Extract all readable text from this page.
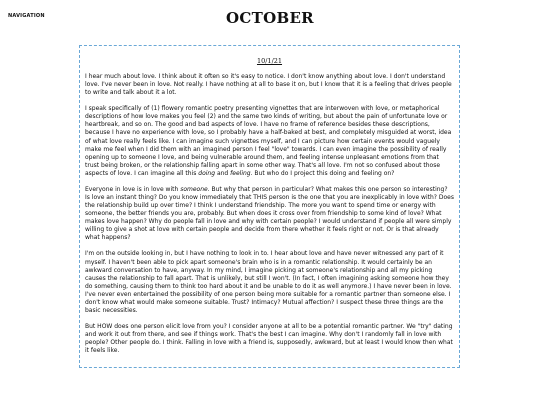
NAVIGATION	OCTOBER
10/1/21

I hear much about love. I think about it often so it's easy to notice. I don't know anything about love. I don't understand love. I've never been in love. Not really. I have nothing at all to base it on, but I know that it is a feeling that drives people to write and talk about it a lot.

I speak specifically of (1) flowery romantic poetry presenting vignettes that are interwoven with love, or metaphorical descriptions of how love makes you feel (2) and the same two kinds of writing, but about the pain of unfortunate love or heartbreak, and so on. The good and bad aspects of love. I have no frame of reference besides these descriptions, because I have no experience with love, so I probably have a half-baked at best, and completely misguided at worst, idea of what love really feels like. I can imagine such vignettes myself, and I can picture how certain events would vaguely make me feel when I did them with an imagined person I feel "love" towards. I can even imagine the possibility of really opening up to someone I love, and being vulnerable around them, and feeling intense unpleasant emotions from that trust being broken, or the relationship falling apart in some other way. That's all love. I'm not so confused about those aspects of love. I can imagine all this doing and feeling. But who do I project this doing and feeling on?

Everyone in love is in love with someone. But why that person in particular? What makes this one person so interesting? Is love an instant thing? Do you know immediately that THIS person is the one that you are inexplicably in love with? Does the relationship build up over time? I think I understand friendship. The more you want to spend time or energy with someone, the better friends you are, probably. But when does it cross over from friendship to some kind of love? What makes love happen? Why do people fall in love and why with certain people? I would understand if people all were simply willing to give a shot at love with certain people and decide from there whether it feels right or not. Or is that already what happens?

I'm on the outside looking in, but I have nothing to look in to. I hear about love and have never witnessed any part of it myself. I haven't been able to pick apart someone's brain who is in a romantic relationship. It would certainly be an awkward conversation to have, anyway. In my mind, I imagine picking at someone's relationship and all my picking causes the relationship to fall apart. That is unlikely, but still I won't. (In fact, I often imagining asking someone how they do something, causing them to think too hard about it and be unable to do it as well anymore.) I have never been in love. I've never even entertained the possibility of one person being more suitable for a romantic partner than someone else. I don't know what would make someone suitable. Trust? Intimacy? Mutual affection? I suspect these three things are the basic necessities.

But HOW does one person elicit love from you? I consider anyone at all to be a potential romantic partner. We "try" dating and work it out from there, and see if things work. That's the best I can imagine. Why don't I randomly fall in love with people? Other people do. I think. Falling in love with a friend is, supposedly, awkward, but at least I would know then what it feels like.
